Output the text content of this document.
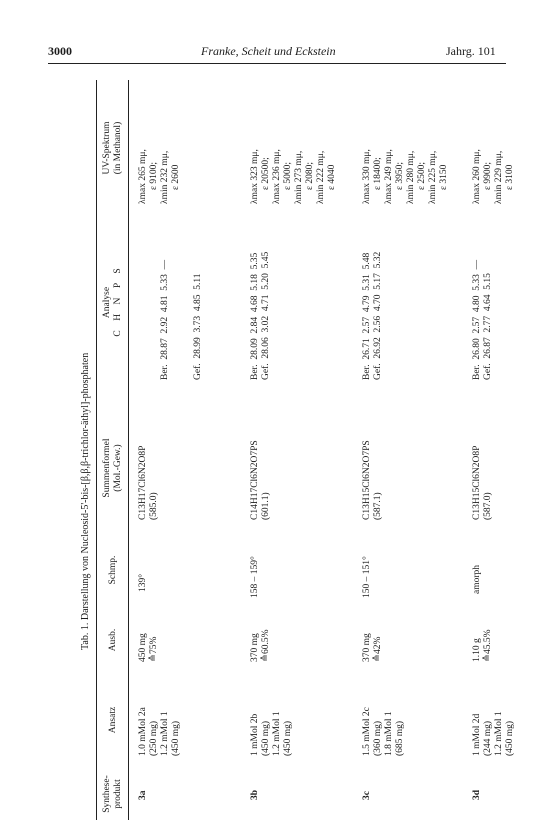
3000	Franke, Scheit und Eckstein	Jahrg. 101
Tab. 1. Darstellung von Nucleosid-5'-bis-[β,β,β-trichlor-äthyl]-phosphaten
Synthese- produkt
Ansatz
Ausb.
Schmp.
Summenformel (Mol.-Gew.)
Analyse C    H    N    P    S
UV-Spektrum (in Methanol)
3a
1.0 mMol 2a (250 mg) 1.2 mMol 1 (450 mg)
450 mg ≙75%
139°
C13H17Cl6N2O8P (585.0)

Ber.  28.87  2.92  4.81  5.33  —

Gef.  28.99  3.73  4.85  5.11

λmax 265 mμ, ε 9100; λmin 232 mμ, ε 2600
3b
1 mMol 2b (450 mg) 1.2 mMol 1 (450 mg)
370 mg ≙60.5%
158 – 159°
C14H17Cl6N2O7PS (601.1)
Ber.  28.09  2.84  4.68  5.18  5.35 Gef.  28.06  3.02  4.71  5.20  5.45
λmax 323 mμ, ε 20500; λmax 236 mμ, ε 5000; λmin 273 mμ, ε 2080; λmin 222 mμ, ε 4040
3c
1.5 mMol 2c (360 mg) 1.8 mMol 1 (685 mg)
370 mg ≙42%
150 – 151°
C13H15Cl6N2O7PS (587.1)
Ber.  26.71  2.57  4.79  5.31  5.48 Gef.  26.92  2.56  4.70  5.17  5.32
λmax 330 mμ, ε 18400; λmax 249 mμ, ε 3950; λmin 280 mμ, ε 2500; λmin 225 mμ, ε 3150
3d
1 mMol 2d (244 mg) 1.2 mMol 1 (450 mg)
1.10 g ≙45.5%
amorph
C13H15Cl6N2O8P (587.0)
Ber.  26.80  2.57  4.80  5.33  — Gef.  26.87  2.77  4.64  5.15
λmax 260 mμ, ε 9900; λmin 229 mμ, ε 3100
